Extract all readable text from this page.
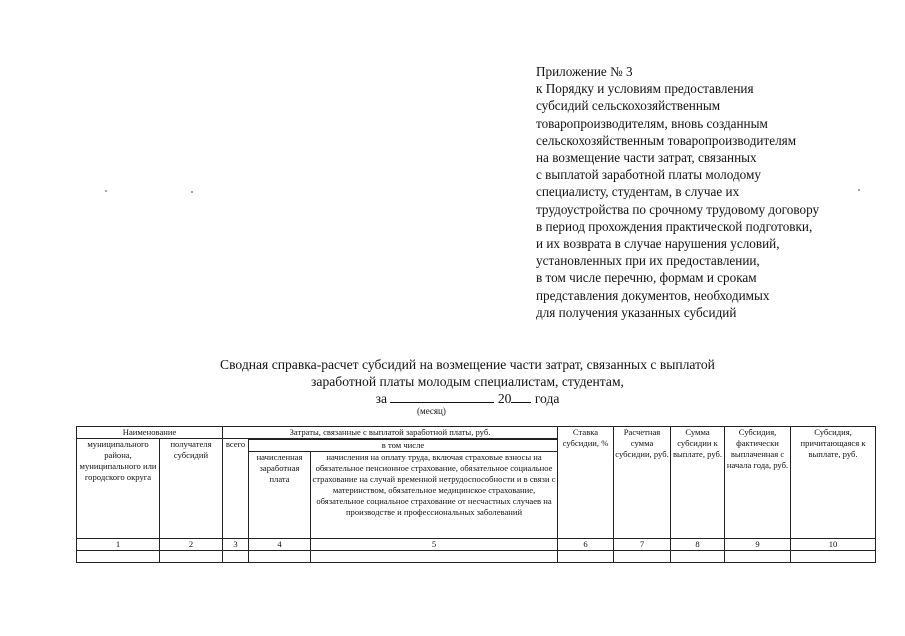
Приложение № 3
к Порядку и условиям предоставления
субсидий сельскохозяйственным
товаропроизводителям, вновь созданным
сельскохозяйственным товаропроизводителям
на возмещение части затрат, связанных
с выплатой заработной платы молодому
специалисту, студентам, в случае их
трудоустройства по срочному трудовому договору
в период прохождения практической подготовки,
и их возврата в случае нарушения условий,
установленных при их предоставлении,
в том числе перечню, формам и срокам
представления документов, необходимых
для получения указанных субсидий
Сводная справка-расчет субсидий на возмещение части затрат, связанных с выплатой
заработной платы молодым специалистам, студентам,
за	20 года
(месяц)
Наименование		Затраты, связанные с выплатой заработной платы, руб.			Ставка субсидии, %	Расчетная сумма субсидии, руб.	Сумма субсидии к выплате, руб.	Субсидия, фактически выплаченная с начала года, руб.	Субсидия, причитающаяся к выплате, руб.
муниципального района, муниципального или городского округа	получателя субсидий	всего							
			в том числе						
			начисленная заработная плата	начисления на оплату труда, включая страховые взносы на обязательное пенсионное страхование, обязательное социальное страхование на случай временной нетрудоспособности и в связи с материнством, обязательное медицинское страхование, обязательное социальное страхование от несчастных случаев на производстве и профессиональных заболеваний					
1	2	3	4	5	6	7	8	9	10
